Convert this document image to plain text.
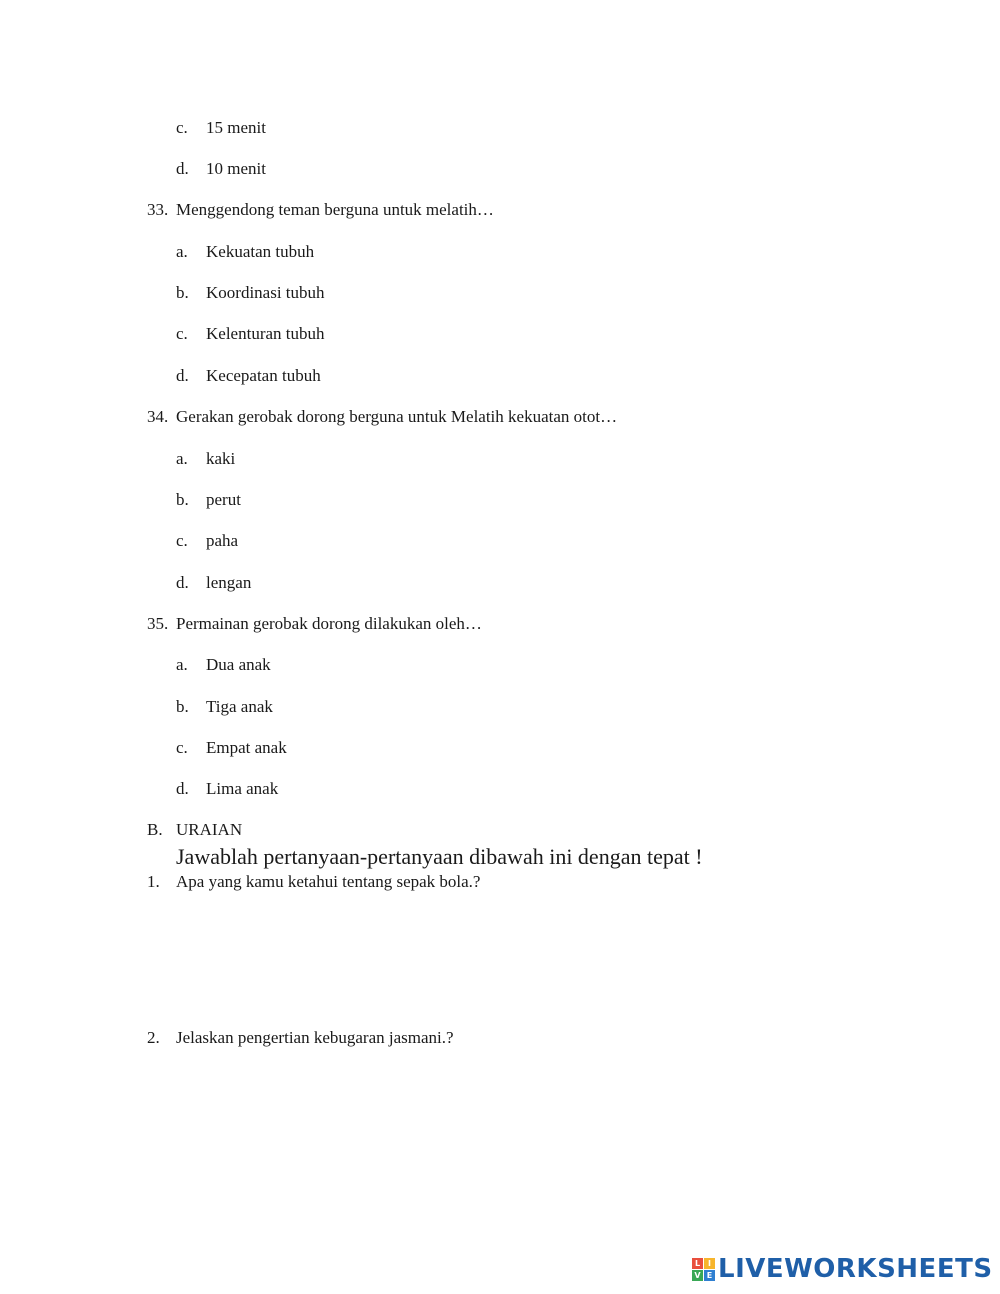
c. 15 menit
d. 10 menit
33. Menggendong teman berguna untuk melatih…
a. Kekuatan tubuh
b. Koordinasi tubuh
c. Kelenturan tubuh
d. Kecepatan tubuh
34. Gerakan gerobak dorong berguna untuk Melatih kekuatan otot…
a. kaki
b. perut
c. paha
d. lengan
35. Permainan gerobak dorong dilakukan oleh…
a. Dua anak
b. Tiga anak
c. Empat anak
d. Lima anak
B. URAIAN
Jawablah pertanyaan-pertanyaan dibawah ini dengan tepat !
1. Apa yang kamu ketahui tentang sepak bola.?
2. Jelaskan pengertian kebugaran jasmani.?
L I
V E LIVEWORKSHEETS
